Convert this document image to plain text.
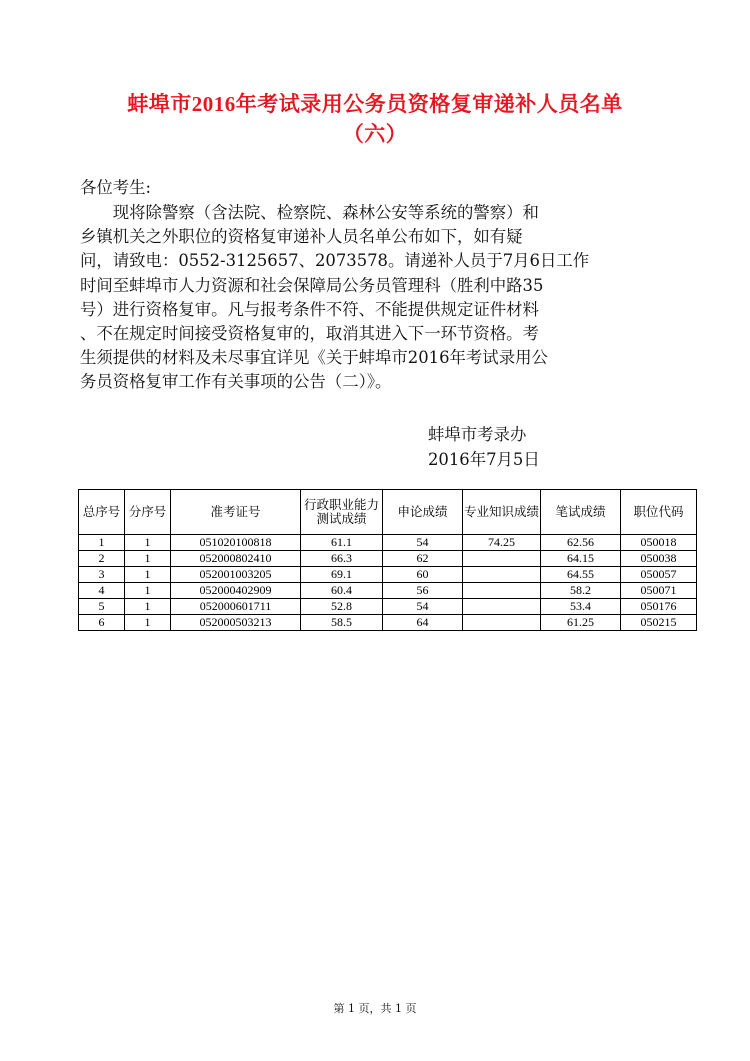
蚌埠市2016年考试录用公务员资格复审递补人员名单
（六）
各位考生:
　　现将除警察（含法院、检察院、森林公安等系统的警察）和
乡镇机关之外职位的资格复审递补人员名单公布如下，如有疑
问，请致电：0552-3125657、2073578。请递补人员于7月6日工作
时间至蚌埠市人力资源和社会保障局公务员管理科（胜利中路35
号）进行资格复审。凡与报考条件不符、不能提供规定证件材料
、不在规定时间接受资格复审的，取消其进入下一环节资格。考
生须提供的材料及未尽事宜详见《关于蚌埠市2016年考试录用公
务员资格复审工作有关事项的公告（二）》。
蚌埠市考录办
2016年7月5日
总序号	分序号	准考证号	行政职业能力测试成绩	申论成绩	专业知识成绩	笔试成绩	职位代码
1	1	051020100818	61.1	54	74.25	62.56	050018
2	1	052000802410	66.3	62		64.15	050038
3	1	052001003205	69.1	60		64.55	050057
4	1	052000402909	60.4	56		58.2	050071
5	1	052000601711	52.8	54		53.4	050176
6	1	052000503213	58.5	64		61.25	050215
第 1 页，共 1 页
